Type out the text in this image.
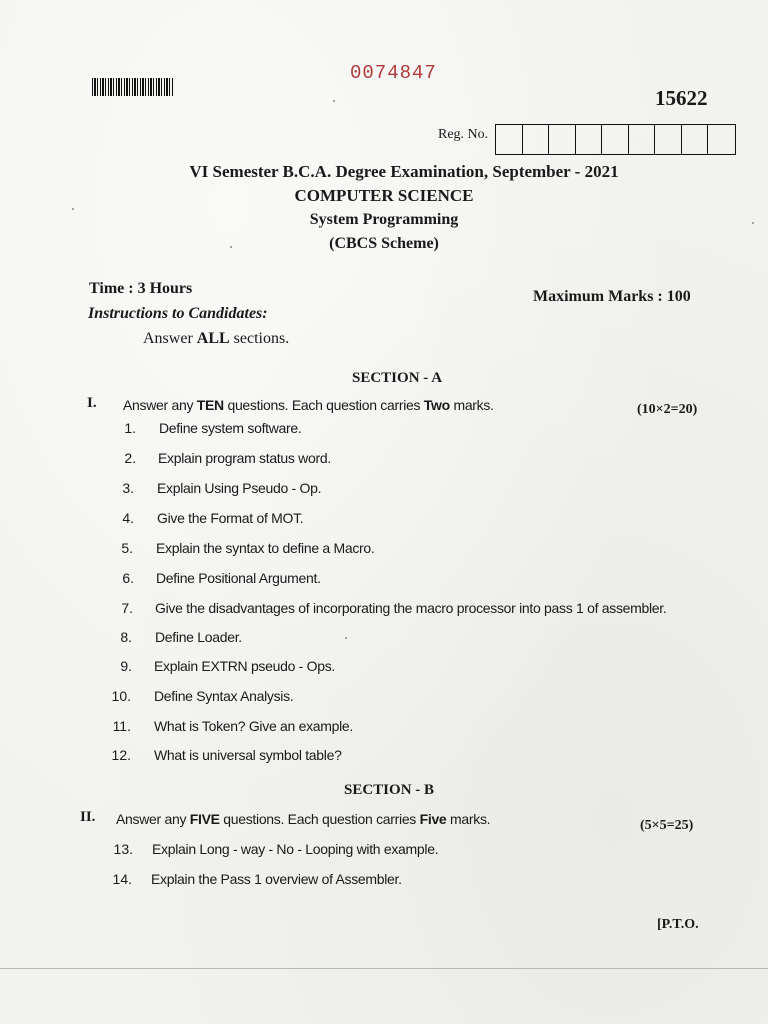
0074847
15622
Reg. No.
VI Semester B.C.A. Degree Examination, September - 2021
COMPUTER SCIENCE
System Programming
(CBCS Scheme)
Time : 3 Hours	Maximum Marks : 100
Instructions to Candidates:
Answer ALL sections.
SECTION - A
I. Answer any TEN questions. Each question carries Two marks.	(10×2=20)
1. Define system software.
2. Explain program status word.
3. Explain Using Pseudo - Op.
4. Give the Format of MOT.
5. Explain the syntax to define a Macro.
6. Define Positional Argument.
7. Give the disadvantages of incorporating the macro processor into pass 1 of assembler.
8. Define Loader.
9. Explain EXTRN pseudo - Ops.
10. Define Syntax Analysis.
11. What is Token? Give an example.
12. What is universal symbol table?
SECTION - B
II. Answer any FIVE questions. Each question carries Five marks.	(5×5=25)
13. Explain Long - way - No - Looping with example.
14. Explain the Pass 1 overview of Assembler.
[P.T.O.
